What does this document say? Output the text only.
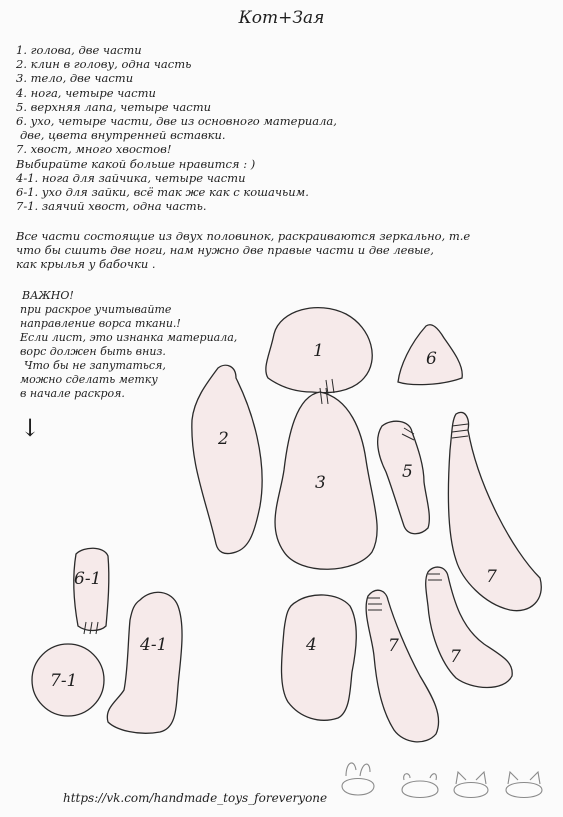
Кот+Зая
1. голова, две части
2. клин в голову, одна часть
3. тело, две части
4. нога, четыре части
5. верхняя лапа, четыре части
6. ухо, четыре части, две из основного материала,
две, цвета внутренней вставки.
7. хвост, много хвостов!
Выбирайте какой больше нравится : )
4-1. нога для зайчика, четыре части
6-1. ухо для зайки, всё так же как с кошачьим.
7-1. заячий хвост, одна часть.
Все части состоящие из двух половинок, раскраиваются зеркально, т.е
что бы сшить две ноги, нам нужно две правые части и две левые,
как крылья у бабочки .
ВАЖНО!
при раскрое учитывайте
направление ворса ткани.!
Если лист, это изнанка материала,
ворс должен быть вниз.
Что бы не запутаться,
можно сделать метку
в начале раскроя.
↓
1
2
3
6
5
7
7
7
4
6-1
7-1
4-1
https://vk.com/handmade_toys_foreveryone
